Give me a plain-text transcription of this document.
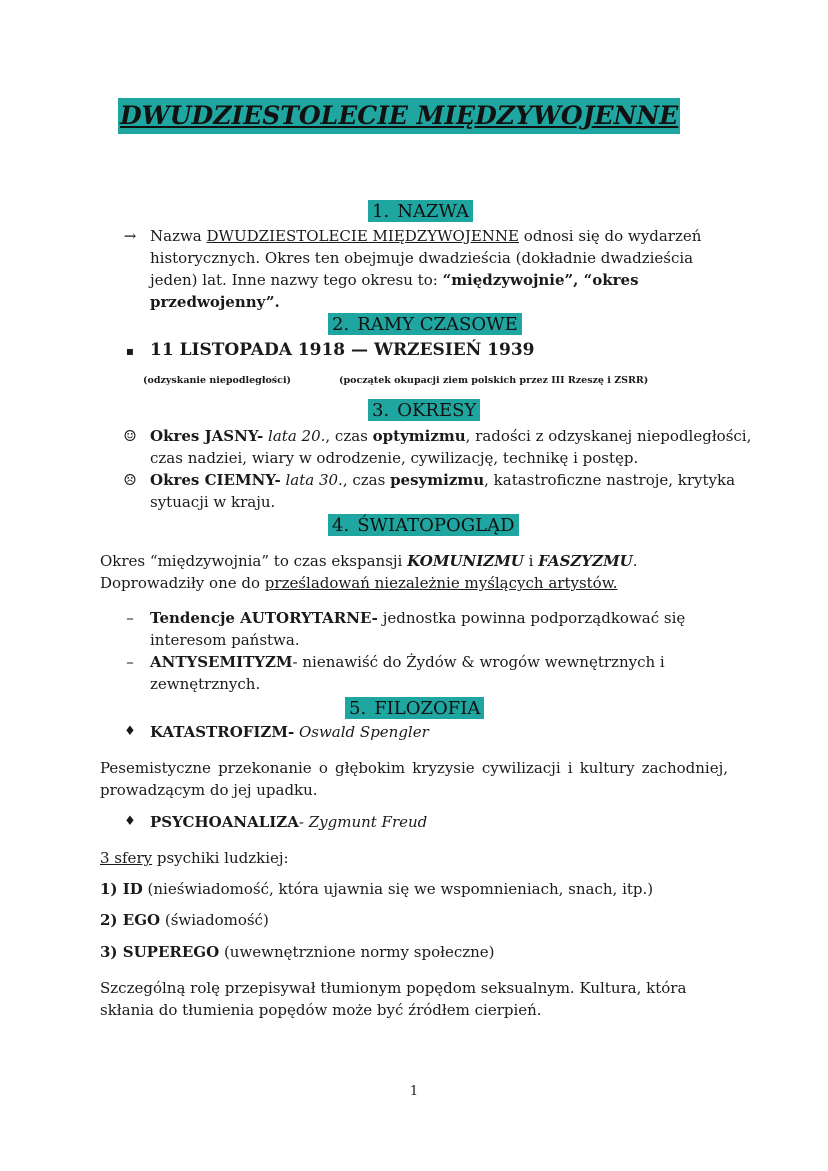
DWUDZIESTOLECIE MIĘDZYWOJENNE
1. NAZWA
→ Nazwa DWUDZIESTOLECIE MIĘDZYWOJENNE odnosi się do wydarzeń
historycznych. Okres ten obejmuje dwadzieścia (dokładnie dwadzieścia
jeden) lat. Inne nazwy tego okresu to: “międzywojnie”, “okres
przedwojenny”.
2. RAMY CZASOWE
▪ 11 LISTOPADA 1918 — WRZESIEŃ 1939
(odzyskanie niepodległości)	(początek okupacji ziem polskich przez III Rzeszę i ZSRR)
3. OKRESY
☺ Okres JASNY- lata 20., czas optymizmu, radości z odzyskanej niepodległości,
czas nadziei, wiary w odrodzenie, cywilizację, technikę i postęp.
☹ Okres CIEMNY- lata 30., czas pesymizmu, katastroficzne nastroje, krytyka
sytuacji w kraju.
4. ŚWIATOPOGLĄD
Okres “międzywojnia” to czas ekspansji KOMUNIZMU i FASZYZMU.
Doprowadziły one do prześladowań niezależnie myślących artystów.
–	Tendencje AUTORYTARNE- jednostka powinna podporządkować się
interesom państwa.
–	ANTYSEMITYZM- nienawiść do Żydów & wrogów wewnętrznych i
zewnętrznych.
5. FILOZOFIA
♦ KATASTROFIZM- Oswald Spengler
Pesemistyczne przekonanie o głębokim kryzysie cywilizacji i kultury zachodniej, prowadzącym do jej upadku.
♦ PSYCHOANALIZA- Zygmunt Freud
3 sfery psychiki ludzkiej:
1) ID (nieświadomość, która ujawnia się we wspomnieniach, snach, itp.)
2) EGO (świadomość)
3) SUPEREGO (uwewnętrznione normy społeczne)
Szczególną rolę przepisywał tłumionym popędom seksualnym. Kultura, która
skłania do tłumienia popędów może być źródłem cierpień.
1
